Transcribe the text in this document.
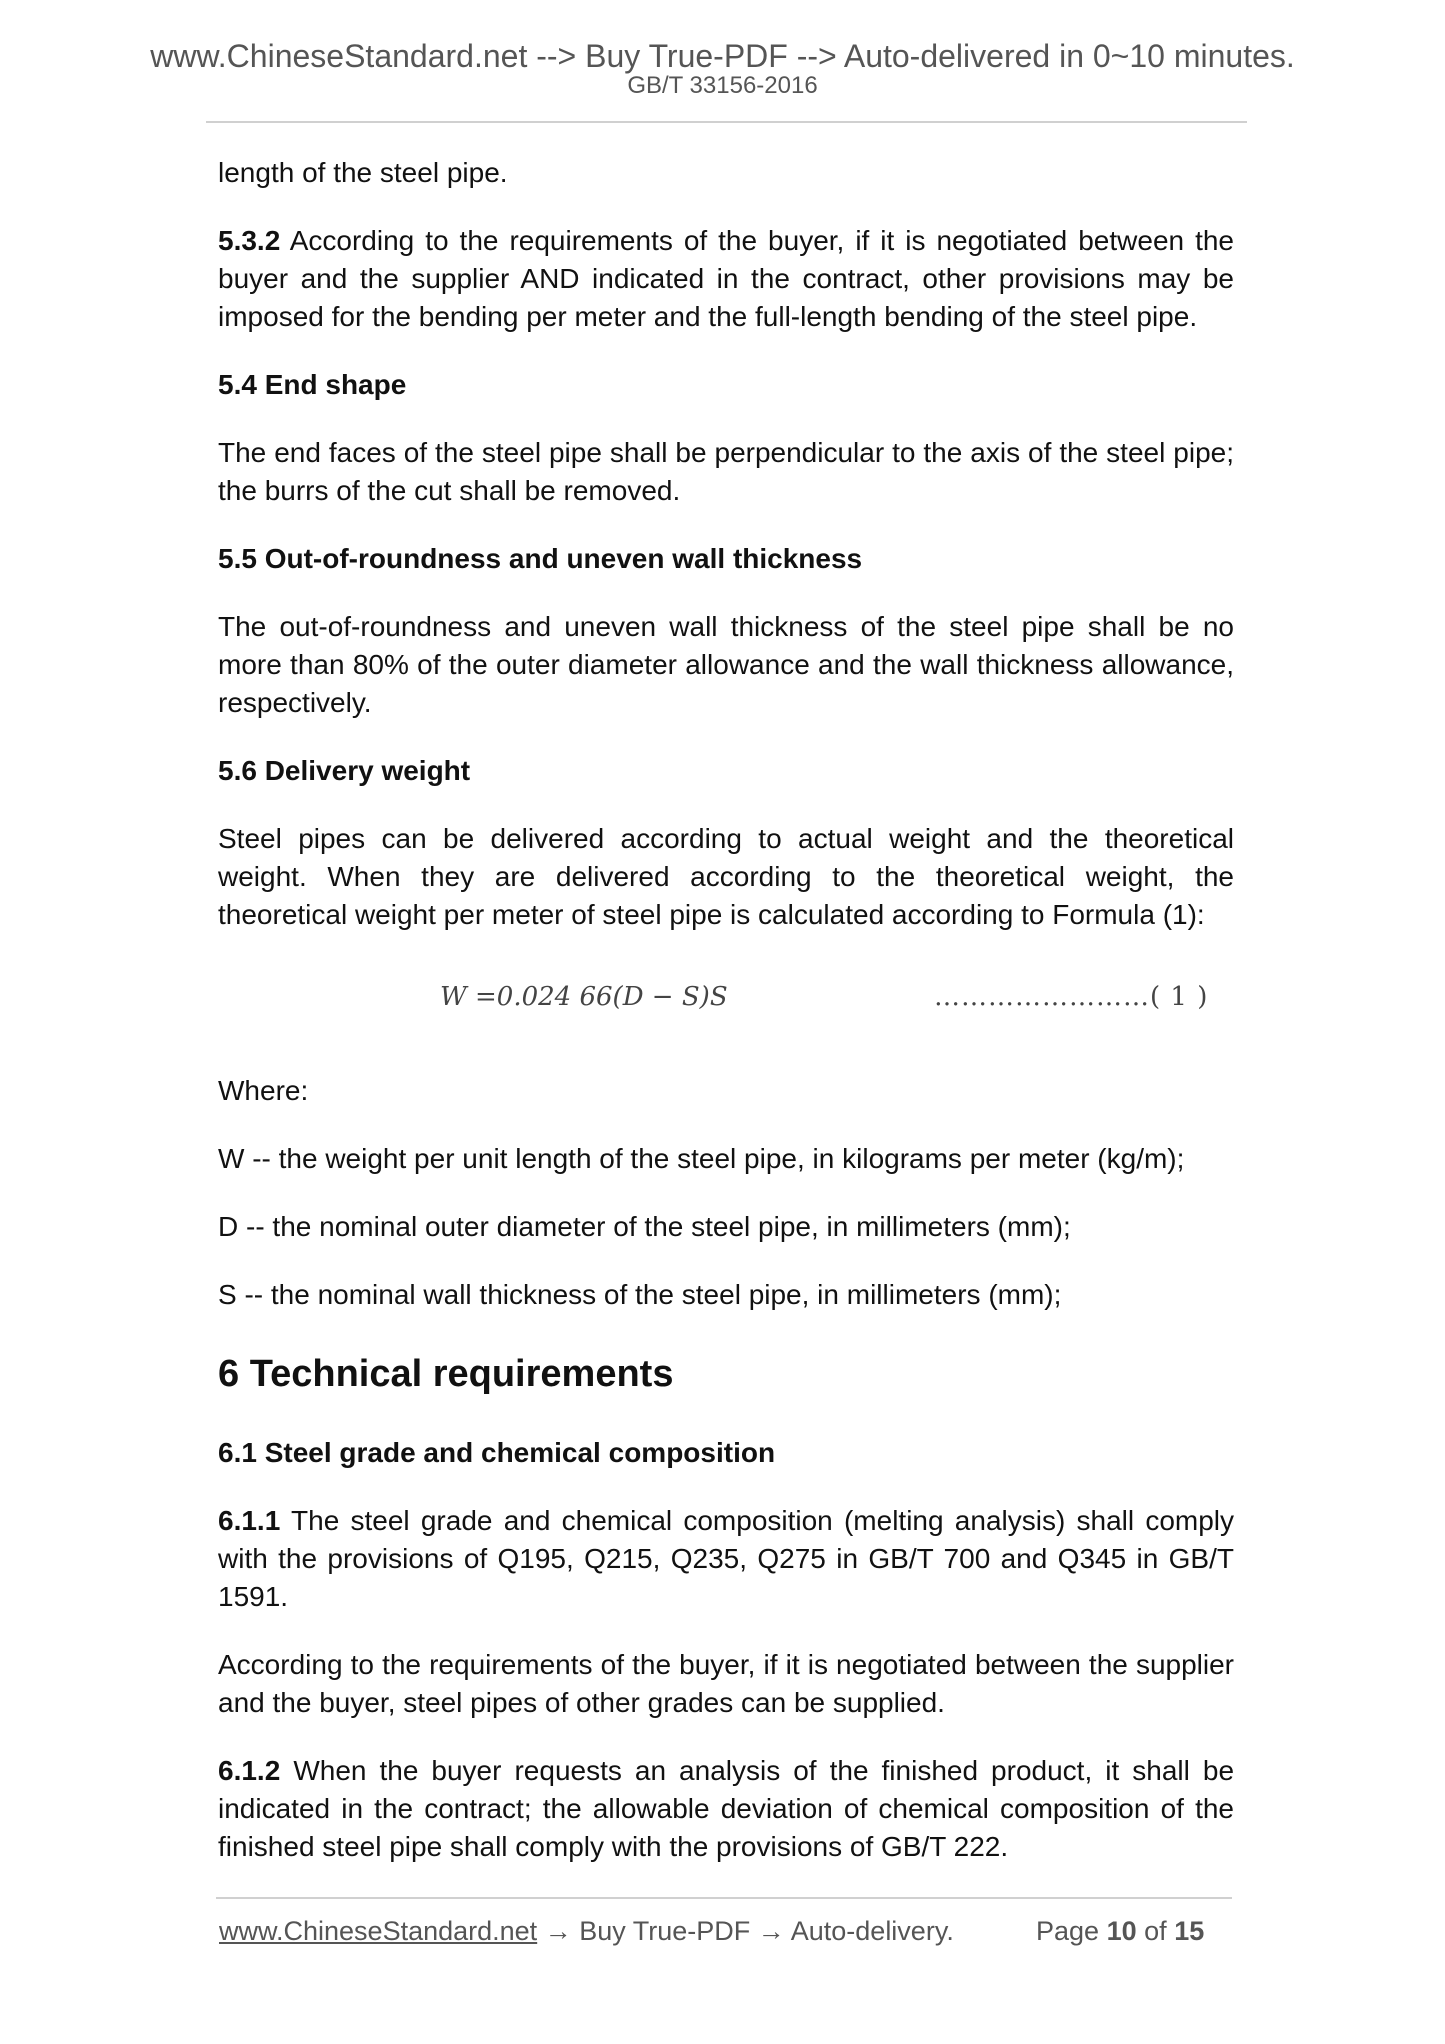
www.ChineseStandard.net --> Buy True-PDF --> Auto-delivered in 0~10 minutes.
GB/T 33156-2016

length of the steel pipe.

5.3.2 According to the requirements of the buyer, if it is negotiated between the buyer and the supplier AND indicated in the contract, other provisions may be imposed for the bending per meter and the full-length bending of the steel pipe.

5.4 End shape

The end faces of the steel pipe shall be perpendicular to the axis of the steel pipe; the burrs of the cut shall be removed.

5.5 Out-of-roundness and uneven wall thickness

The out-of-roundness and uneven wall thickness of the steel pipe shall be no more than 80% of the outer diameter allowance and the wall thickness allowance, respectively.

5.6 Delivery weight

Steel pipes can be delivered according to actual weight and the theoretical weight. When they are delivered according to the theoretical weight, the theoretical weight per meter of steel pipe is calculated according to Formula (1):

W =0.024 66(D − S)S	……………………( 1 )

Where:

W -- the weight per unit length of the steel pipe, in kilograms per meter (kg/m);

D -- the nominal outer diameter of the steel pipe, in millimeters (mm);

S -- the nominal wall thickness of the steel pipe, in millimeters (mm);

6 Technical requirements
6.1 Steel grade and chemical composition

6.1.1 The steel grade and chemical composition (melting analysis) shall comply with the provisions of Q195, Q215, Q235, Q275 in GB/T 700 and Q345 in GB/T 1591.

According to the requirements of the buyer, if it is negotiated between the supplier and the buyer, steel pipes of other grades can be supplied.

6.1.2 When the buyer requests an analysis of the finished product, it shall be indicated in the contract; the allowable deviation of chemical composition of the finished steel pipe shall comply with the provisions of GB/T 222.

www.ChineseStandard.net → Buy True-PDF → Auto-delivery.	Page 10 of 15
